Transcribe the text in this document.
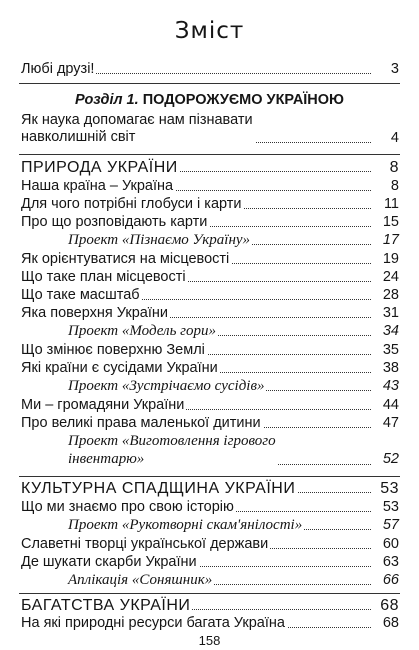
Зміст
Любі друзі!	3
Розділ 1. ПОДОРОЖУЄМО УКРАЇНОЮ
Як наука допомагає нам пізнавати
навколишній світ	4
ПРИРОДА УКРАЇНИ	8
Наша країна – Україна	8
Для чого потрібні глобуси і карти	11
Про що розповідають карти	15
Проект «Пізнаємо Україну»	17
Як орієнтуватися на місцевості	19
Що таке план місцевості	24
Що таке масштаб	28
Яка поверхня України	31
Проект «Модель гори»	34
Що змінює поверхню Землі	35
Які країни є сусідами України	38
Проект «Зустрічаємо сусідів»	43
Ми – громадяни України	44
Про великі права маленької дитини	47
Проект «Виготовлення ігрового
інвентарю»	52
КУЛЬТУРНА СПАДЩИНА УКРАЇНИ	53
Що ми знаємо про свою історію	53
Проект «Рукотворні скам'янілості»	57
Славетні творці української держави	60
Де шукати скарби України	63
Аплікація «Соняшник»	66
БАГАТСТВА УКРАЇНИ	68
На які природні ресурси багата Україна	68
158
